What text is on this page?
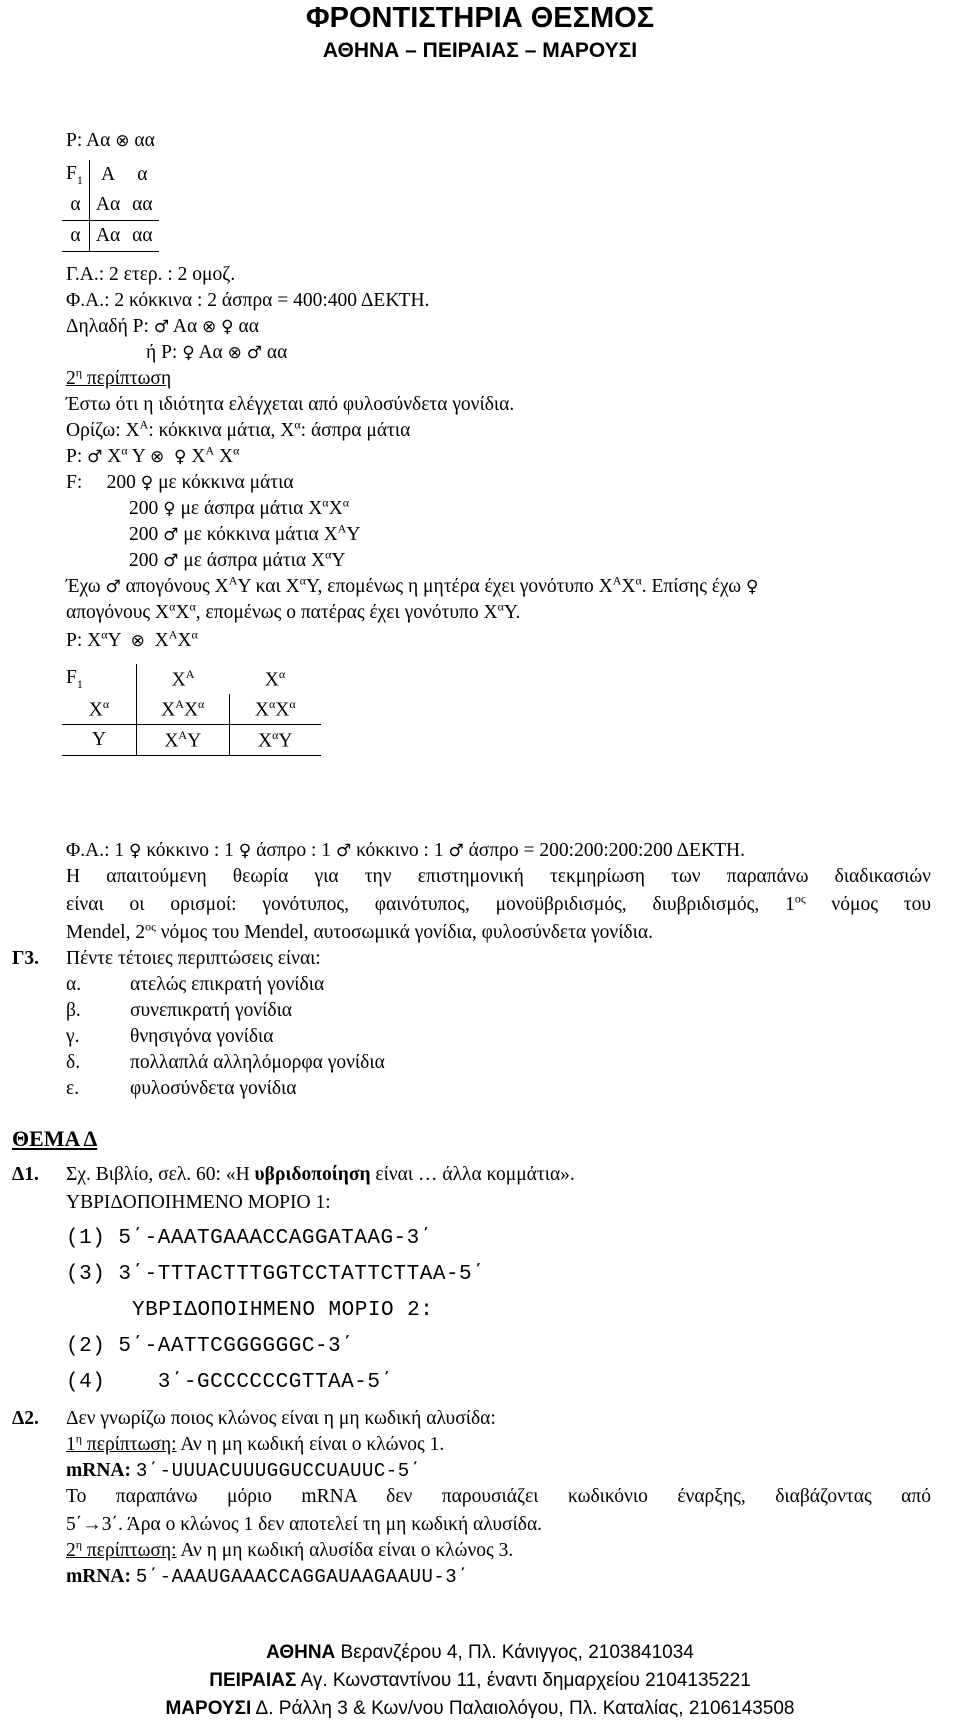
ΦΡΟΝΤΙΣΤΗΡΙΑ ΘΕΣΜΟΣ
ΑΘΗΝΑ – ΠΕΙΡΑΙΑΣ – ΜΑΡΟΥΣΙ
Ρ: Αα ⊗ αα
$F_1$	Α	α
α	Αα	αα
α	Αα	αα
Γ.Α.: 2 ετερ. : 2 ομοζ.
Φ.Α.: 2 κόκκινα : 2 άσπρα = 400:400 ΔΕΚΤΗ.
Δηλαδή Ρ: ♂ Αα ⊗ ♀ αα
ή Ρ: ♀ Αα ⊗ ♂ αα
$2^\eta$ περίπτωση
Έστω ότι η ιδιότητα ελέγχεται από φυλοσύνδετα γονίδια.
Ορίζω: $X^A$: κόκκινα μάτια, $X^\alpha$: άσπρα μάτια
Ρ: ♂ $X^\alpha$ Υ ⊗ ♀ $X^A$ $X^\alpha$
F:     200 ♀ με κόκκινα μάτια
200 ♀ με άσπρα μάτια $X^\alpha X^\alpha$
200 ♂ με κόκκινα μάτια $X^A\Upsilon$
200 ♂ με άσπρα μάτια $X^\alpha\Upsilon$
Έχω ♂ απογόνους $X^A\Upsilon$ και $X^\alpha\Upsilon$, επομένως η μητέρα έχει γονότυπο $X^AX^\alpha$. Επίσης έχω ♀
απογόνους $X^\alpha X^\alpha$, επομένως ο πατέρας έχει γονότυπο $X^\alpha\Upsilon$.
Ρ: $X^\alpha\Upsilon$  ⊗  $X^AX^\alpha$
$F_1$	$X^A$	$X^\alpha$
$X^\alpha$	$X^AX^\alpha$	$X^\alpha X^\alpha$
Υ	$X^A\Upsilon$	$X^\alpha\Upsilon$
Φ.Α.: 1 ♀ κόκκινο : 1 ♀ άσπρο : 1 ♂ κόκκινο : 1 ♂ άσπρο = 200:200:200:200 ΔΕΚΤΗ.
Η απαιτούμενη θεωρία για την επιστημονική τεκμηρίωση των παραπάνω διαδικασιών
είναι οι ορισμοί: γονότυπος, φαινότυπος, μονοϋβριδισμός, διυβριδισμός, $1^{o\varsigma}$ νόμος του
Mendel, $2^{o\varsigma}$ νόμος του Mendel, αυτοσωμικά γονίδια, φυλοσύνδετα γονίδια.
Γ3. Πέντε τέτοιες περιπτώσεις είναι:
α.	ατελώς επικρατή γονίδια
β.	συνεπικρατή γονίδια
γ.	θνησιγόνα γονίδια
δ.	πολλαπλά αλληλόμορφα γονίδια
ε.	φυλοσύνδετα γονίδια
ΘΕΜΑ Δ
Δ1. Σχ. Βιβλίο, σελ. 60: «Η υβριδοποίηση είναι … άλλα κομμάτια».
ΥΒΡΙΔΟΠΟΙΗΜΕΝΟ ΜΟΡΙΟ 1:
(1) 5΄-AAATGAAACCAGGATAAG-3΄
(3) 3΄-TTTACTTTGGTCCTATTCTTAA-5΄
ΥΒΡΙΔΟΠΟΙΗΜΕΝΟ ΜΟΡΙΟ 2:
(2) 5΄-AATTCGGGGGGC-3΄
(4)    3΄-GCCCCCCGTTAA-5΄
Δ2. Δεν γνωρίζω ποιος κλώνος είναι η μη κωδική αλυσίδα:
$1^\eta$ περίπτωση: Αν η μη κωδική είναι ο κλώνος 1.
mRNA: 3΄-UUUACUUUGGUCCUAUUC-5΄
Το παραπάνω μόριο mRNA δεν παρουσιάζει κωδικόνιο έναρξης, διαβάζοντας από
5΄→3΄. Άρα ο κλώνος 1 δεν αποτελεί τη μη κωδική αλυσίδα.
$2^\eta$ περίπτωση: Αν η μη κωδική αλυσίδα είναι ο κλώνος 3.
mRNA: 5΄-AAAUGAAACCAGGAUAAGAAUU-3΄
ΑΘΗΝΑ Βερανζέρου 4, Πλ. Κάνιγγος, 2103841034
ΠΕΙΡΑΙΑΣ Αγ. Κωνσταντίνου 11, έναντι δημαρχείου 2104135221
ΜΑΡΟΥΣΙ Δ. Ράλλη 3 & Κων/νου Παλαιολόγου, Πλ. Καταλίας, 2106143508
